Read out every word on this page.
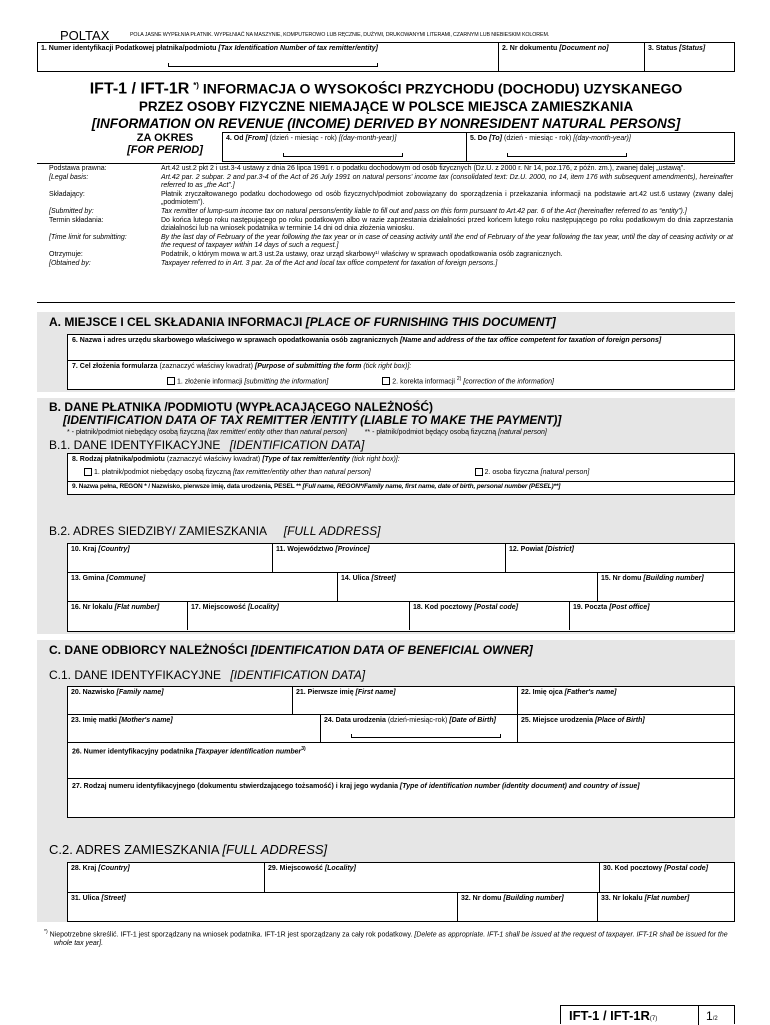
POLTAX	POLA JASNE WYPEŁNIA PŁATNIK. WYPEŁNIAĆ NA MASZYNIE, KOMPUTEROWO LUB RĘCZNIE, DUŻYMI, DRUKOWANYMI LITERAMI, CZARNYM LUB NIEBIESKIM KOLOREM.
1. Numer identyfikacji Podatkowej płatnika/podmiotu [Tax Identification Number of tax remitter/entity]	2. Nr dokumentu [Document no]	3. Status [Status]
IFT-1 / IFT-1R *) INFORMACJA O WYSOKOŚCI PRZYCHODU (DOCHODU) UZYSKANEGO
PRZEZ OSOBY FIZYCZNE NIEMAJĄCE W POLSCE MIEJSCA ZAMIESZKANIA
[INFORMATION ON REVENUE (INCOME) DERIVED BY NONRESIDENT NATURAL PERSONS]
ZA OKRES
[FOR PERIOD]
4. Od [From] (dzień - miesiąc - rok) [(day-month-year)]	5. Do [To] (dzień - miesiąc - rok) [(day-month-year)]
Podstawa prawna:	Art.42 ust.2 pkt 2 i ust.3-4 ustawy z dnia 26 lipca 1991 r. o podatku dochodowym od osób fizycznych (Dz.U. z 2000 r. Nr 14, poz.176, z późn. zm.), zwanej dalej „ustawą”.
[Legal basis:	Art.42 par. 2 subpar. 2 and par.3-4 of the Act of 26 July 1991 on natural persons' income tax (consolidated text: Dz.U. 2000, no 14, item 176 with subsequent amendments), hereinafter referred to as „the Act”.]
Składający:	Płatnik zryczałtowanego podatku dochodowego od osób fizycznych/podmiot zobowiązany do sporządzenia i przekazania informacji na podstawie art.42 ust.6 ustawy (zwany dalej „podmiotem”).
[Submitted by:	Tax remitter of lump-sum income tax on natural persons/entity liable to fill out and pass on this form pursuant to Art.42 par. 6 of the Act (hereinafter referred to as “entity”).]
Termin składania:	Do końca lutego roku następującego po roku podatkowym albo w razie zaprzestania działalności przed końcem lutego roku następującego po roku podatkowym do dnia zaprzestania działalności lub na wniosek podatnika w terminie 14 dni od dnia złożenia wniosku.
[Time limit for submitting:	By the last day of February of the year following the tax year or in case of ceasing activity until the end of February of the year following the tax year, until the day of ceasing activity or at the request of taxpayer within 14 days of such a request.]
Otrzymuje:	Podatnik, o którym mowa w art.3 ust.2a ustawy, oraz urząd skarbowy¹⁾ właściwy w sprawach opodatkowania osób zagranicznych.
[Obtained by:	Taxpayer referred to in Art. 3 par. 2a of the Act and local tax office competent for taxation of foreign persons.]
A. MIEJSCE I CEL SKŁADANIA INFORMACJI [PLACE OF FURNISHING THIS DOCUMENT]
6. Nazwa i adres urzędu skarbowego właściwego w sprawach opodatkowania osób zagranicznych [Name and address of the tax office competent for taxation of foreign persons]
7. Cel złożenia formularza (zaznaczyć właściwy kwadrat) [Purpose of submitting the form (tick right box)]:
1. złożenie informacji [submitting the information]	2. korekta informacji $^{2)}$ [correction of the information]
B. DANE PŁATNIKA /PODMIOTU (WYPŁACAJĄCEGO NALEŻNOŚĆ)
[IDENTIFICATION DATA OF TAX REMITTER /ENTITY (LIABLE TO MAKE THE PAYMENT)]
* - płatnik/podmiot niebędący osobą fizyczną [tax remitter/ entity other than natural person]	** - płatnik/podmiot będący osobą fizyczną [natural person]
B.1. DANE IDENTYFIKACYJNE [IDENTIFICATION DATA]
8. Rodzaj płatnika/podmiotu (zaznaczyć właściwy kwadrat) [Type of tax remitter/entity (tick right box)]:
1. płatnik/podmiot niebędący osobą fizyczną [tax remitter/entity other than natural person]	2. osoba fizyczna [natural person]
9. Nazwa pełna, REGON * / Nazwisko, pierwsze imię, data urodzenia, PESEL ** [Full name, REGON*/Family name, first name, date of birth, personal number (PESEL)**]
B.2. ADRES SIEDZIBY/ ZAMIESZKANIA [FULL ADDRESS]
10. Kraj [Country]	11. Województwo [Province]	12. Powiat [District]
13. Gmina [Commune]	14. Ulica [Street]	15. Nr domu [Building number]
16. Nr lokalu [Flat number]	17. Miejscowość [Locality]	18. Kod pocztowy [Postal code]	19. Poczta [Post office]
C. DANE ODBIORCY NALEŻNOŚCI [IDENTIFICATION DATA OF BENEFICIAL OWNER]
C.1. DANE IDENTYFIKACYJNE [IDENTIFICATION DATA]
20. Nazwisko [Family name]	21. Pierwsze imię [First name]	22. Imię ojca [Father's name]
23. Imię matki [Mother's name]	24. Data urodzenia (dzień-miesiąc-rok) [Date of Birth]	25. Miejsce urodzenia [Place of Birth]
26. Numer identyfikacyjny podatnika [Taxpayer identification number$^{3)}$
27. Rodzaj numeru identyfikacyjnego (dokumentu stwierdzającego tożsamość) i kraj jego wydania [Type of identification number (identity document) and country of issue]
C.2. ADRES ZAMIESZKANIA [FULL ADDRESS]
28. Kraj [Country]	29. Miejscowość [Locality]	30. Kod pocztowy [Postal code]
31. Ulica [Street]	32. Nr domu [Building number]	33. Nr lokalu [Flat number]
*) Niepotrzebne skreślić. IFT-1 jest sporządzany na wniosek podatnika. IFT-1R jest sporządzany za cały rok podatkowy. [Delete as appropriate. IFT-1 shall be issued at the request of taxpayer. IFT-1R shall be issued for the whole tax year].
IFT-1 / IFT-1R(7)	1/2
